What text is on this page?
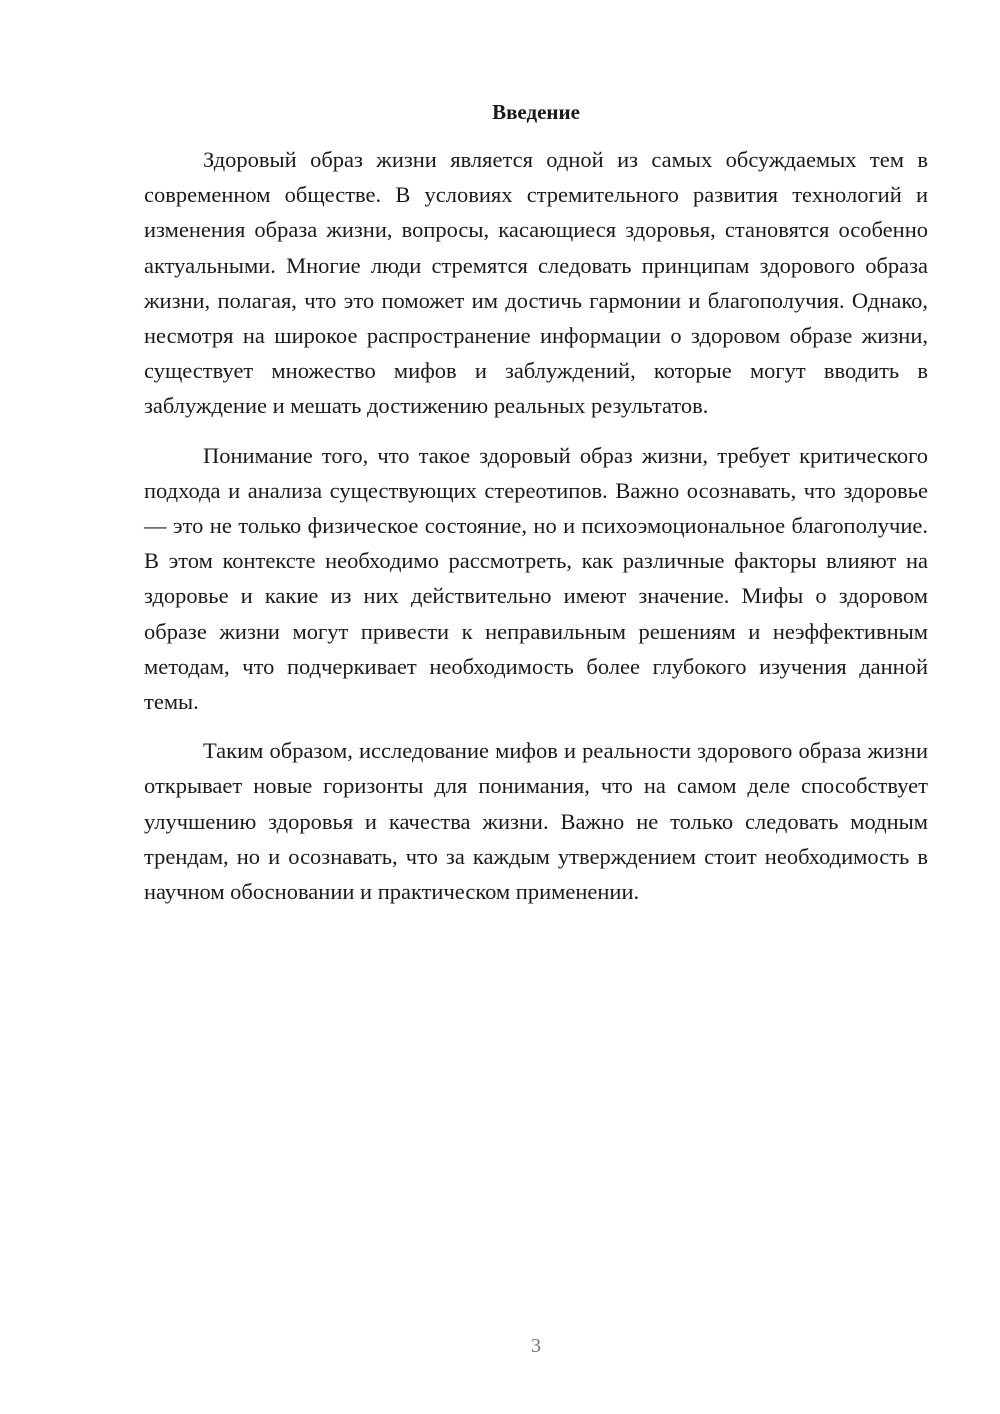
Введение

Здоровый образ жизни является одной из самых обсуждаемых тем в современном обществе. В условиях стремительного развития технологий и изменения образа жизни, вопросы, касающиеся здоровья, становятся особенно актуальными. Многие люди стремятся следовать принципам здорового образа жизни, полагая, что это поможет им достичь гармонии и благополучия. Однако, несмотря на широкое распространение информации о здоровом образе жизни, существует множество мифов и заблуждений, которые могут вводить в заблуждение и мешать достижению реальных результатов.

Понимание того, что такое здоровый образ жизни, требует критического подхода и анализа существующих стереотипов. Важно осознавать, что здоровье — это не только физическое состояние, но и психоэмоциональное благополучие. В этом контексте необходимо рассмотреть, как различные факторы влияют на здоровье и какие из них действительно имеют значение. Мифы о здоровом образе жизни могут привести к неправильным решениям и неэффективным методам, что подчеркивает необходимость более глубокого изучения данной темы.

Таким образом, исследование мифов и реальности здорового образа жизни открывает новые горизонты для понимания, что на самом деле способствует улучшению здоровья и качества жизни. Важно не только следовать модным трендам, но и осознавать, что за каждым утверждением стоит необходимость в научном обосновании и практическом применении.

3
